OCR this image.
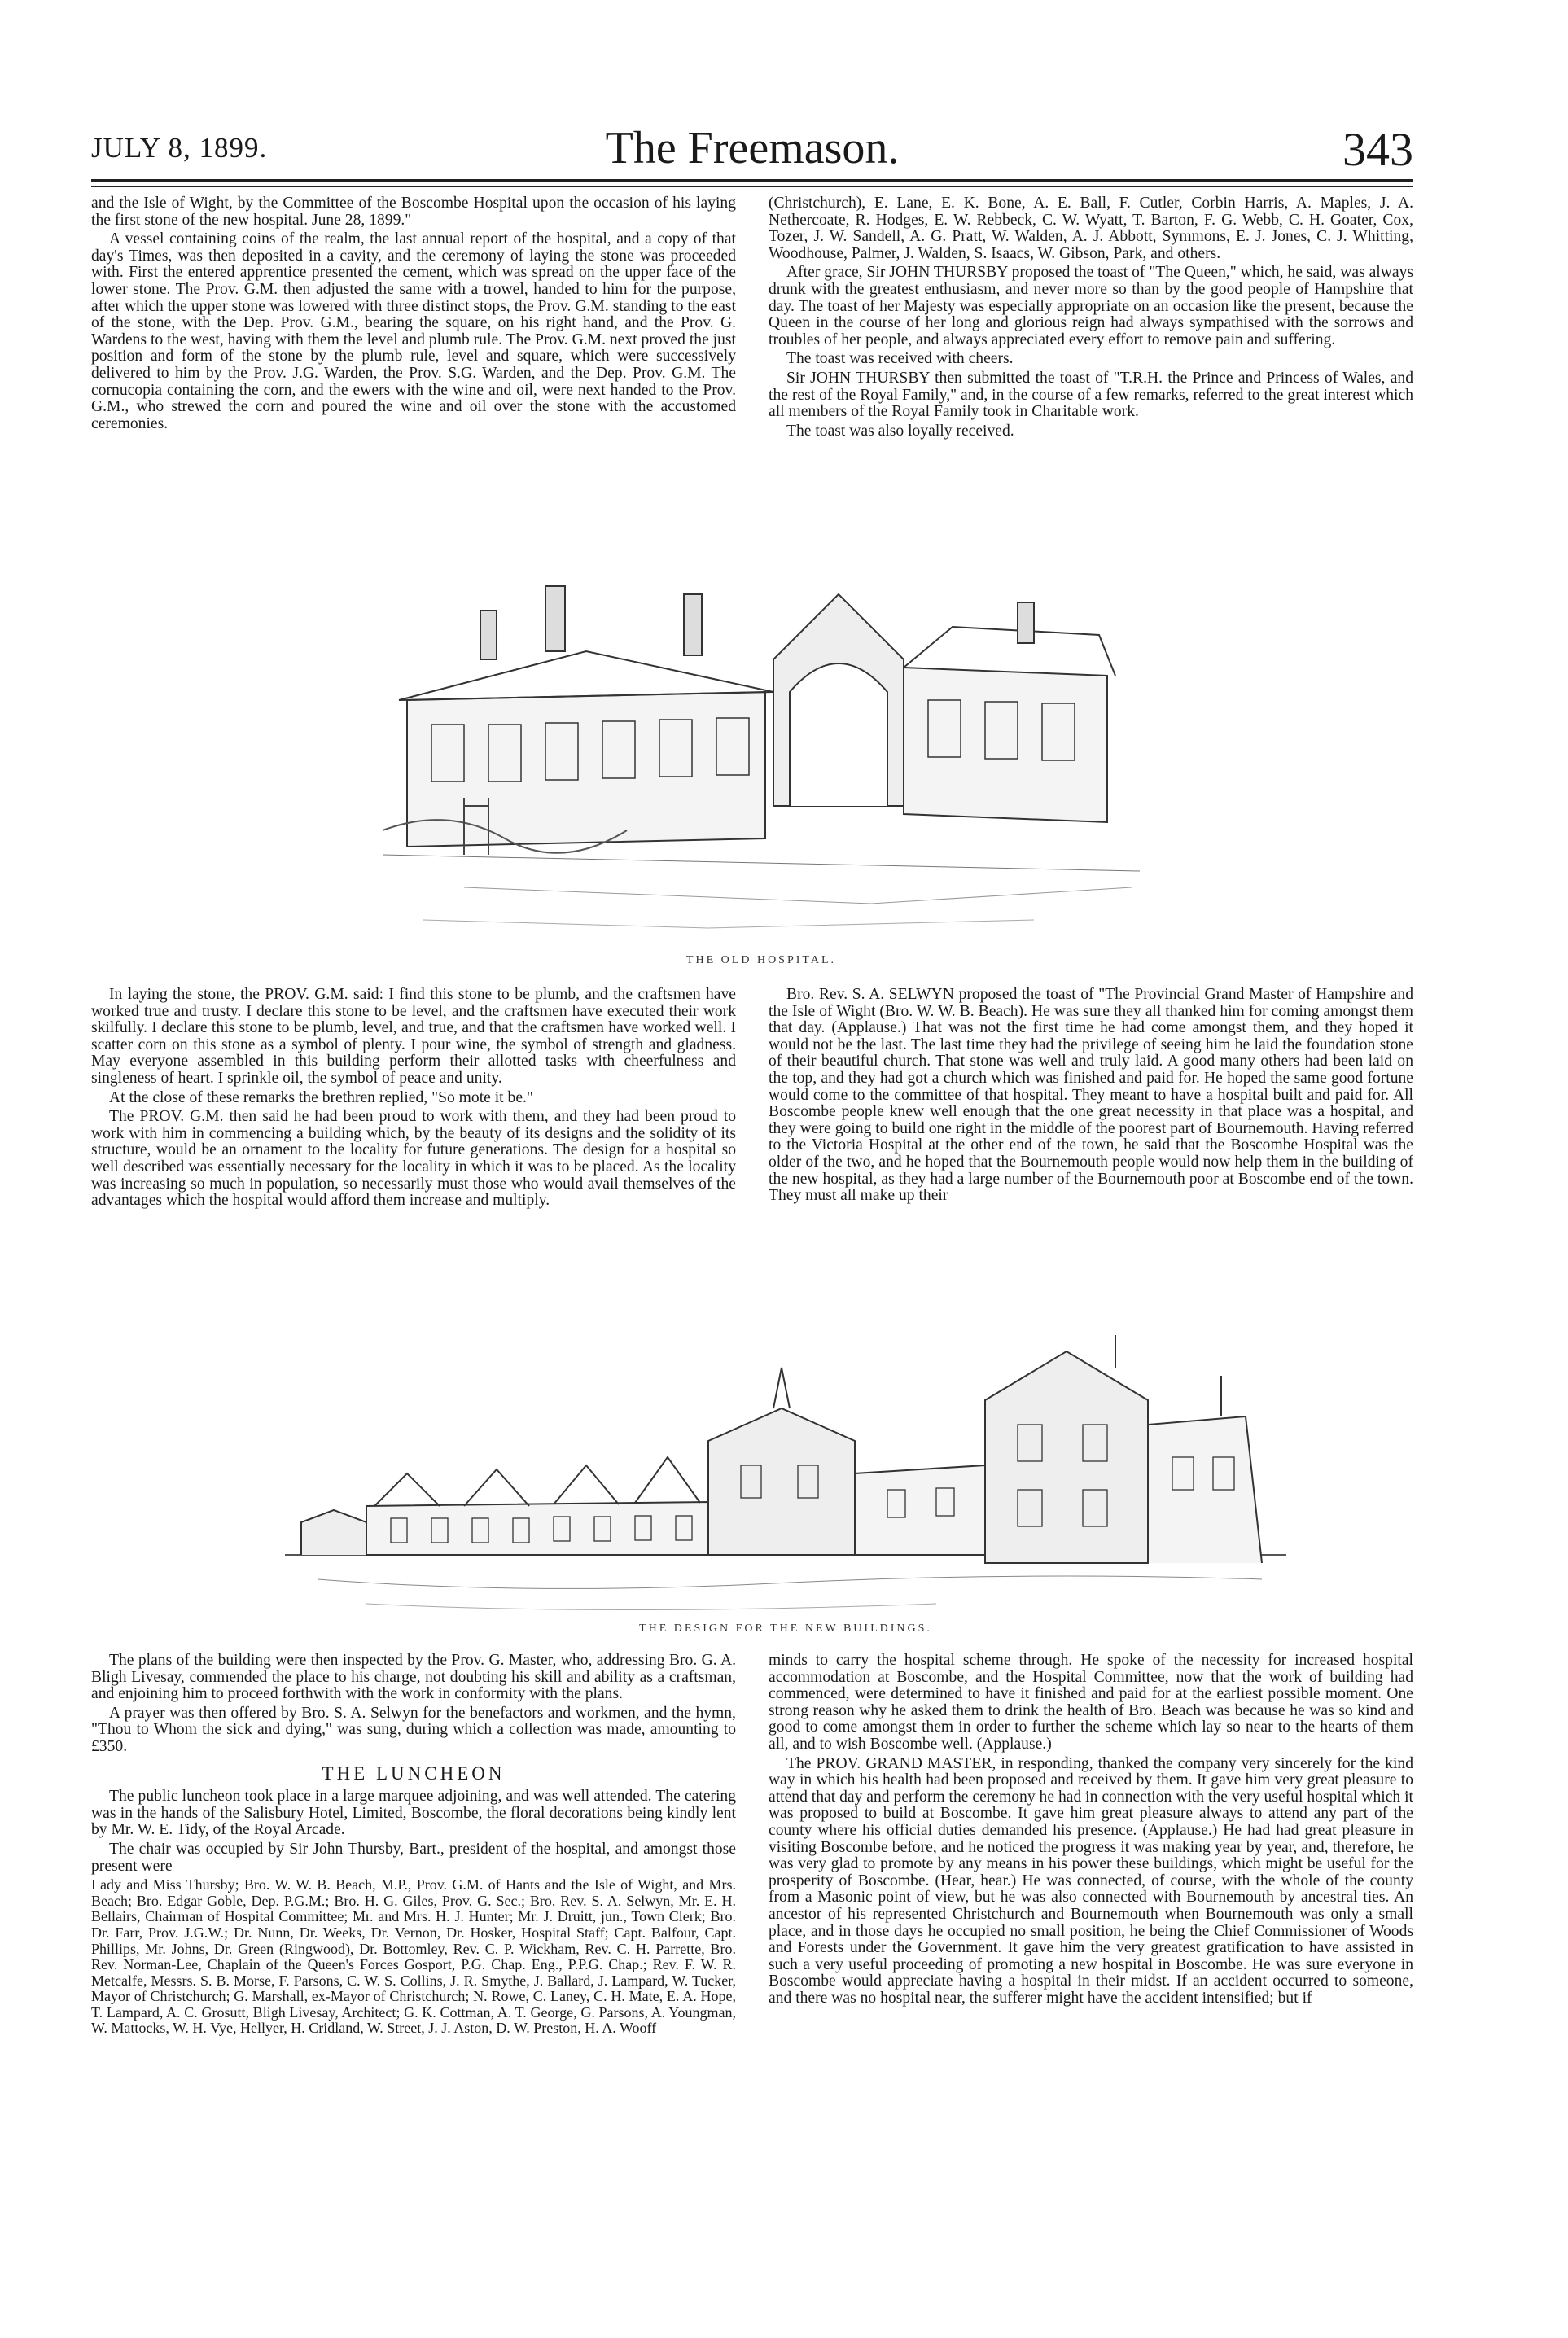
JULY 8, 1899.	The Freemason.	343

and the Isle of Wight, by the Committee of the Boscombe Hospital upon the occasion of his laying the first stone of the new hospital. June 28, 1899."

A vessel containing coins of the realm, the last annual report of the hospital, and a copy of that day's Times, was then deposited in a cavity, and the ceremony of laying the stone was proceeded with. First the entered apprentice presented the cement, which was spread on the upper face of the lower stone. The Prov. G.M. then adjusted the same with a trowel, handed to him for the purpose, after which the upper stone was lowered with three distinct stops, the Prov. G.M. standing to the east of the stone, with the Dep. Prov. G.M., bearing the square, on his right hand, and the Prov. G. Wardens to the west, having with them the level and plumb rule. The Prov. G.M. next proved the just position and form of the stone by the plumb rule, level and square, which were successively delivered to him by the Prov. J.G. Warden, the Prov. S.G. Warden, and the Dep. Prov. G.M. The cornucopia containing the corn, and the ewers with the wine and oil, were next handed to the Prov. G.M., who strewed the corn and poured the wine and oil over the stone with the accustomed ceremonies.

(Christchurch), E. Lane, E. K. Bone, A. E. Ball, F. Cutler, Corbin Harris, A. Maples, J. A. Nethercoate, R. Hodges, E. W. Rebbeck, C. W. Wyatt, T. Barton, F. G. Webb, C. H. Goater, Cox, Tozer, J. W. Sandell, A. G. Pratt, W. Walden, A. J. Abbott, Symmons, E. J. Jones, C. J. Whitting, Woodhouse, Palmer, J. Walden, S. Isaacs, W. Gibson, Park, and others.

After grace, Sir JOHN THURSBY proposed the toast of "The Queen," which, he said, was always drunk with the greatest enthusiasm, and never more so than by the good people of Hampshire that day. The toast of her Majesty was especially appropriate on an occasion like the present, because the Queen in the course of her long and glorious reign had always sympathised with the sorrows and troubles of her people, and always appreciated every effort to remove pain and suffering.

The toast was received with cheers.

Sir JOHN THURSBY then submitted the toast of "T.R.H. the Prince and Princess of Wales, and the rest of the Royal Family," and, in the course of a few remarks, referred to the great interest which all members of the Royal Family took in Charitable work.

The toast was also loyally received.

THE OLD HOSPITAL.

In laying the stone, the PROV. G.M. said: I find this stone to be plumb, and the craftsmen have worked true and trusty. I declare this stone to be level, and the craftsmen have executed their work skilfully. I declare this stone to be plumb, level, and true, and that the craftsmen have worked well. I scatter corn on this stone as a symbol of plenty. I pour wine, the symbol of strength and gladness. May everyone assembled in this building perform their allotted tasks with cheerfulness and singleness of heart. I sprinkle oil, the symbol of peace and unity.

At the close of these remarks the brethren replied, "So mote it be."

The PROV. G.M. then said he had been proud to work with them, and they had been proud to work with him in commencing a building which, by the beauty of its designs and the solidity of its structure, would be an ornament to the locality for future generations. The design for a hospital so well described was essentially necessary for the locality in which it was to be placed. As the locality was increasing so much in population, so necessarily must those who would avail themselves of the advantages which the hospital would afford them increase and multiply.

Bro. Rev. S. A. SELWYN proposed the toast of "The Provincial Grand Master of Hampshire and the Isle of Wight (Bro. W. W. B. Beach). He was sure they all thanked him for coming amongst them that day. (Applause.) That was not the first time he had come amongst them, and they hoped it would not be the last. The last time they had the privilege of seeing him he laid the foundation stone of their beautiful church. That stone was well and truly laid. A good many others had been laid on the top, and they had got a church which was finished and paid for. He hoped the same good fortune would come to the committee of that hospital. They meant to have a hospital built and paid for. All Boscombe people knew well enough that the one great necessity in that place was a hospital, and they were going to build one right in the middle of the poorest part of Bournemouth. Having referred to the Victoria Hospital at the other end of the town, he said that the Boscombe Hospital was the older of the two, and he hoped that the Bournemouth people would now help them in the building of the new hospital, as they had a large number of the Bournemouth poor at Boscombe end of the town. They must all make up their

THE DESIGN FOR THE NEW BUILDINGS.

The plans of the building were then inspected by the Prov. G. Master, who, addressing Bro. G. A. Bligh Livesay, commended the place to his charge, not doubting his skill and ability as a craftsman, and enjoining him to proceed forthwith with the work in conformity with the plans.

A prayer was then offered by Bro. S. A. Selwyn for the benefactors and workmen, and the hymn, "Thou to Whom the sick and dying," was sung, during which a collection was made, amounting to £350.

THE LUNCHEON

The public luncheon took place in a large marquee adjoining, and was well attended. The catering was in the hands of the Salisbury Hotel, Limited, Boscombe, the floral decorations being kindly lent by Mr. W. E. Tidy, of the Royal Arcade.

The chair was occupied by Sir John Thursby, Bart., president of the hospital, and amongst those present were—

Lady and Miss Thursby; Bro. W. W. B. Beach, M.P., Prov. G.M. of Hants and the Isle of Wight, and Mrs. Beach; Bro. Edgar Goble, Dep. P.G.M.; Bro. H. G. Giles, Prov. G. Sec.; Bro. Rev. S. A. Selwyn, Mr. E. H. Bellairs, Chairman of Hospital Committee; Mr. and Mrs. H. J. Hunter; Mr. J. Druitt, jun., Town Clerk; Bro. Dr. Farr, Prov. J.G.W.; Dr. Nunn, Dr. Weeks, Dr. Vernon, Dr. Hosker, Hospital Staff; Capt. Balfour, Capt. Phillips, Mr. Johns, Dr. Green (Ringwood), Dr. Bottomley, Rev. C. P. Wickham, Rev. C. H. Parrette, Bro. Rev. Norman-Lee, Chaplain of the Queen's Forces Gosport, P.G. Chap. Eng., P.P.G. Chap.; Rev. F. W. R. Metcalfe, Messrs. S. B. Morse, F. Parsons, C. W. S. Collins, J. R. Smythe, J. Ballard, J. Lampard, W. Tucker, Mayor of Christchurch; G. Marshall, ex-Mayor of Christchurch; N. Rowe, C. Laney, C. H. Mate, E. A. Hope, T. Lampard, A. C. Grosutt, Bligh Livesay, Architect; G. K. Cottman, A. T. George, G. Parsons, A. Youngman, W. Mattocks, W. H. Vye, Hellyer, H. Cridland, W. Street, J. J. Aston, D. W. Preston, H. A. Wooff

minds to carry the hospital scheme through. He spoke of the necessity for increased hospital accommodation at Boscombe, and the Hospital Committee, now that the work of building had commenced, were determined to have it finished and paid for at the earliest possible moment. One strong reason why he asked them to drink the health of Bro. Beach was because he was so kind and good to come amongst them in order to further the scheme which lay so near to the hearts of them all, and to wish Boscombe well. (Applause.)

The PROV. GRAND MASTER, in responding, thanked the company very sincerely for the kind way in which his health had been proposed and received by them. It gave him very great pleasure to attend that day and perform the ceremony he had in connection with the very useful hospital which it was proposed to build at Boscombe. It gave him great pleasure always to attend any part of the county where his official duties demanded his presence. (Applause.) He had had great pleasure in visiting Boscombe before, and he noticed the progress it was making year by year, and, therefore, he was very glad to promote by any means in his power these buildings, which might be useful for the prosperity of Boscombe. (Hear, hear.) He was connected, of course, with the whole of the county from a Masonic point of view, but he was also connected with Bournemouth by ancestral ties. An ancestor of his represented Christchurch and Bournemouth when Bournemouth was only a small place, and in those days he occupied no small position, he being the Chief Commissioner of Woods and Forests under the Government. It gave him the very greatest gratification to have assisted in such a very useful proceeding of promoting a new hospital in Boscombe. He was sure everyone in Boscombe would appreciate having a hospital in their midst. If an accident occurred to someone, and there was no hospital near, the sufferer might have the accident intensified; but if
